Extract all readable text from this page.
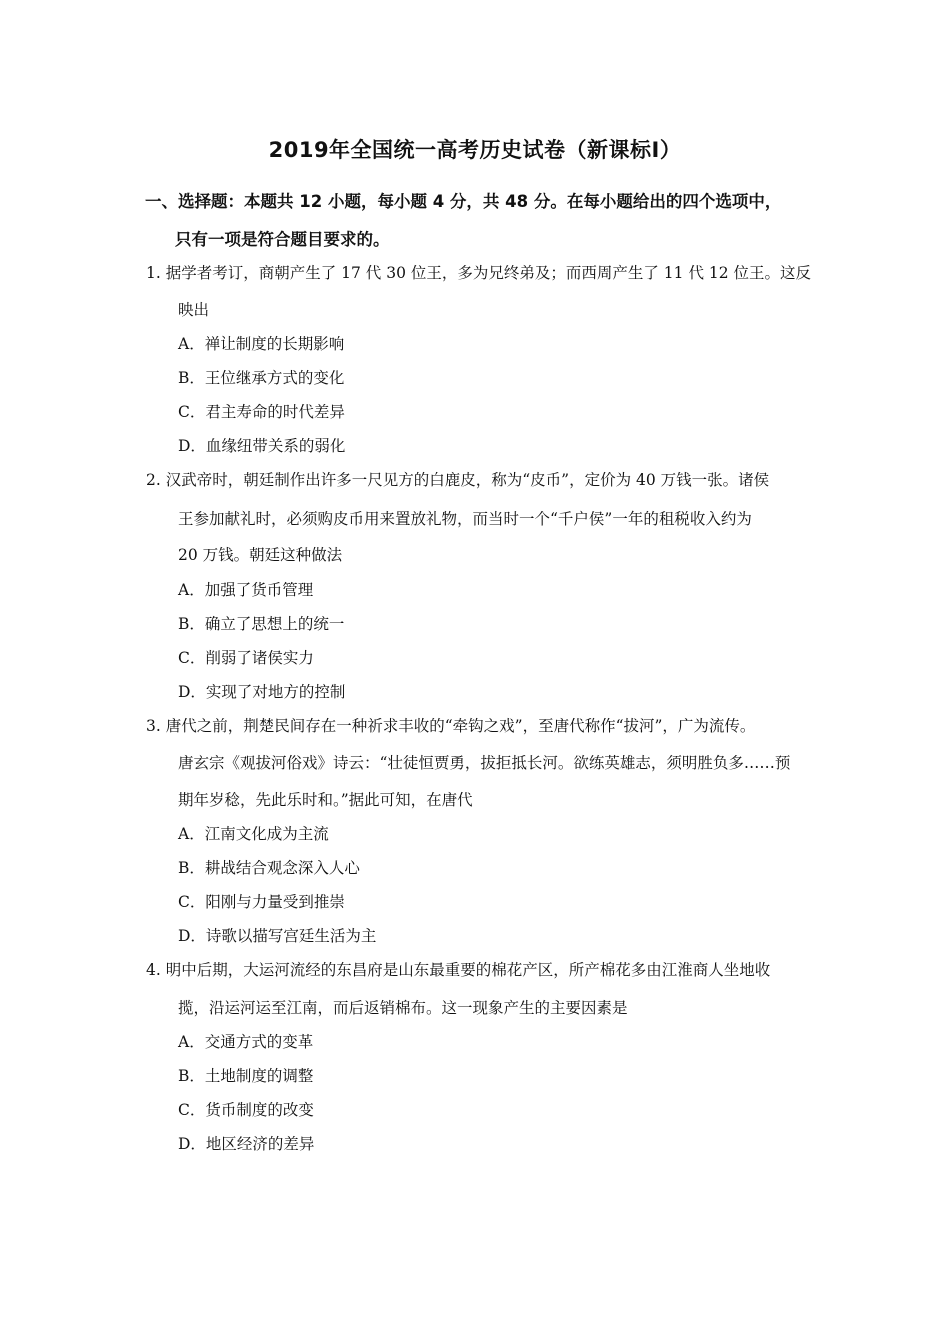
2019年全国统一高考历史试卷（新课标Ⅰ）
一、选择题：本题共 12 小题，每小题 4 分，共 48 分。在每小题给出的四个选项中，
只有一项是符合题目要求的。
1. 据学者考订，商朝产生了 17 代 30 位王，多为兄终弟及；而西周产生了 11 代 12 位王。这反
映出
A．禅让制度的长期影响
B．王位继承方式的变化
C．君主寿命的时代差异
D．血缘纽带关系的弱化
2. 汉武帝时，朝廷制作出许多一尺见方的白鹿皮，称为“皮币”，定价为 40 万钱一张。诸侯
王参加献礼时，必须购皮币用来置放礼物，而当时一个“千户侯”一年的租税收入约为
20 万钱。朝廷这种做法
A．加强了货币管理
B．确立了思想上的统一
C．削弱了诸侯实力
D．实现了对地方的控制
3. 唐代之前，荆楚民间存在一种祈求丰收的“牵钩之戏”，至唐代称作“拔河”，广为流传。
唐玄宗《观拔河俗戏》诗云：“壮徒恒贾勇，拔拒抵长河。欲练英雄志，须明胜负多……预
期年岁稔，先此乐时和。”据此可知，在唐代
A．江南文化成为主流
B．耕战结合观念深入人心
C．阳刚与力量受到推崇
D．诗歌以描写宫廷生活为主
4. 明中后期，大运河流经的东昌府是山东最重要的棉花产区，所产棉花多由江淮商人坐地收
揽，沿运河运至江南，而后返销棉布。这一现象产生的主要因素是
A．交通方式的变革
B．土地制度的调整
C．货币制度的改变
D．地区经济的差异
